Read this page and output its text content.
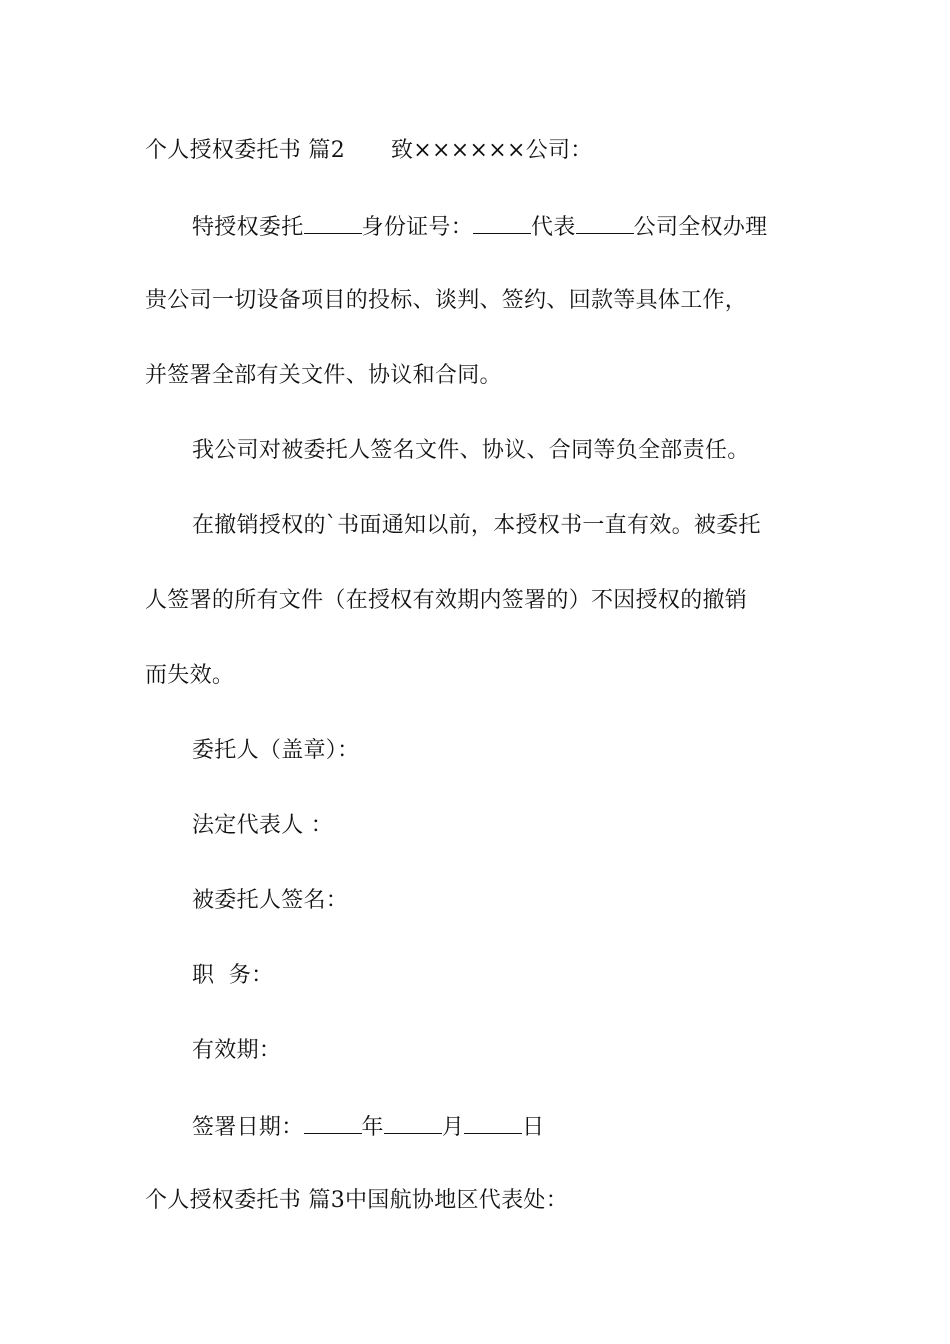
个人授权委托书 篇2 致××××××公司：
特授权委托	身份证号：	代表	公司全权办理
贵公司一切设备项目的投标、谈判、签约、回款等具体工作，
并签署全部有关文件、协议和合同。
我公司对被委托人签名文件、协议、合同等负全部责任。
在撤销授权的`书面通知以前，本授权书一直有效。被委托
人签署的所有文件（在授权有效期内签署的）不因授权的撤销
而失效。
委托人（盖章）：
法定代表人 ：
被委托人签名：
职  务：
有效期：
签署日期：	年	月	日
个人授权委托书 篇3中国航协地区代表处：
